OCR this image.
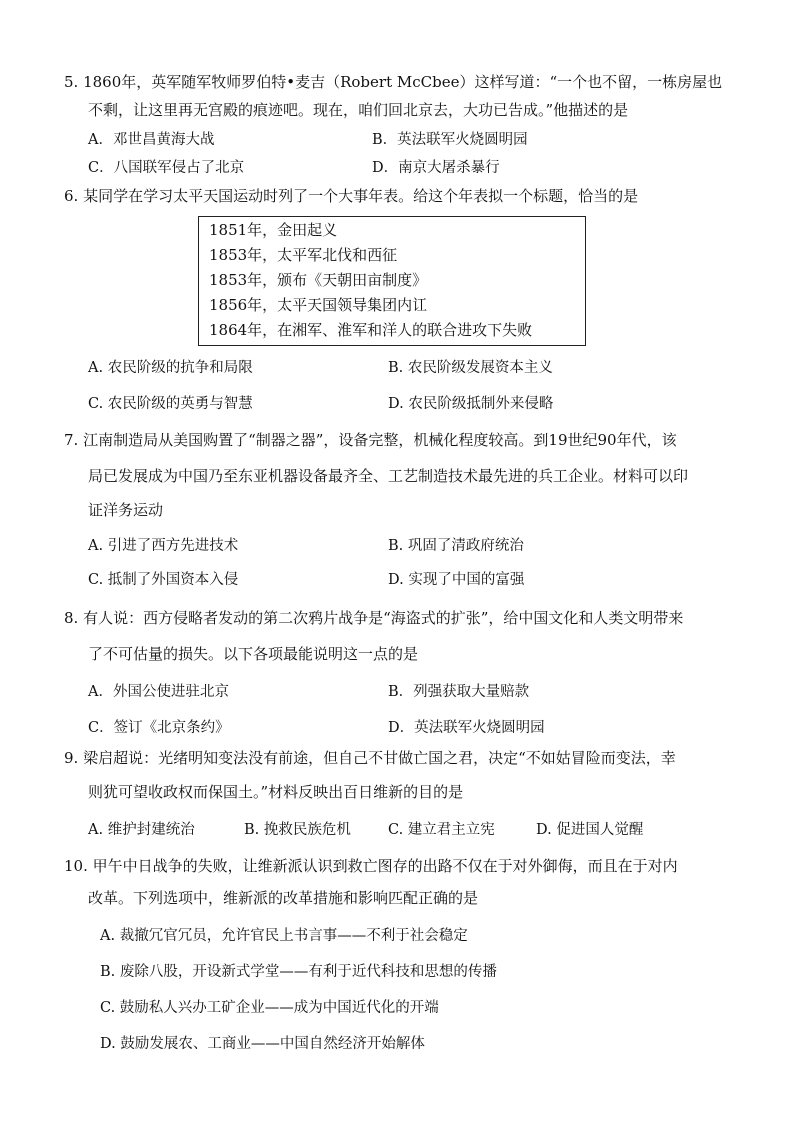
5. 1860年，英军随军牧师罗伯特•麦吉（Robert McCbee）这样写道：“一个也不留，一栋房屋也

不剩，让这里再无宫殿的痕迹吧。现在，咱们回北京去，大功已告成。”他描述的是

A．邓世昌黄海大战	B．英法联军火烧圆明园
C．八国联军侵占了北京	D．南京大屠杀暴行

6. 某同学在学习太平天国运动时列了一个大事年表。给这个年表拟一个标题，恰当的是

1851年，金田起义
1853年，太平军北伐和西征
1853年，颁布《天朝田亩制度》
1856年，太平天国领导集团内讧
1864年，在湘军、淮军和洋人的联合进攻下失败
A. 农民阶级的抗争和局限	B. 农民阶级发展资本主义
C. 农民阶级的英勇与智慧	D. 农民阶级抵制外来侵略

7. 江南制造局从美国购置了“制器之器”，设备完整，机械化程度较高。到19世纪90年代，该

局已发展成为中国乃至东亚机器设备最齐全、工艺制造技术最先进的兵工企业。材料可以印

证洋务运动

A. 引进了西方先进技术	B. 巩固了清政府统治
C. 抵制了外国资本入侵	D. 实现了中国的富强

8. 有人说：西方侵略者发动的第二次鸦片战争是“海盗式的扩张”，给中国文化和人类文明带来

了不可估量的损失。以下各项最能说明这一点的是

A．外国公使进驻北京	B．列强获取大量赔款
C．签订《北京条约》	D．英法联军火烧圆明园

9. 梁启超说：光绪明知变法没有前途，但自己不甘做亡国之君，决定“不如姑冒险而变法，幸

则犹可望收政权而保国土。”材料反映出百日维新的目的是

A. 维护封建统治	B. 挽救民族危机	C. 建立君主立宪	D. 促进国人觉醒

10. 甲午中日战争的失败，让维新派认识到救亡图存的出路不仅在于对外御侮，而且在于对内

改革。下列选项中，维新派的改革措施和影响匹配正确的是

A. 裁撤冗官冗员，允许官民上书言事——不利于社会稳定
B. 废除八股，开设新式学堂——有利于近代科技和思想的传播
C. 鼓励私人兴办工矿企业——成为中国近代化的开端
D. 鼓励发展农、工商业——中国自然经济开始解体
